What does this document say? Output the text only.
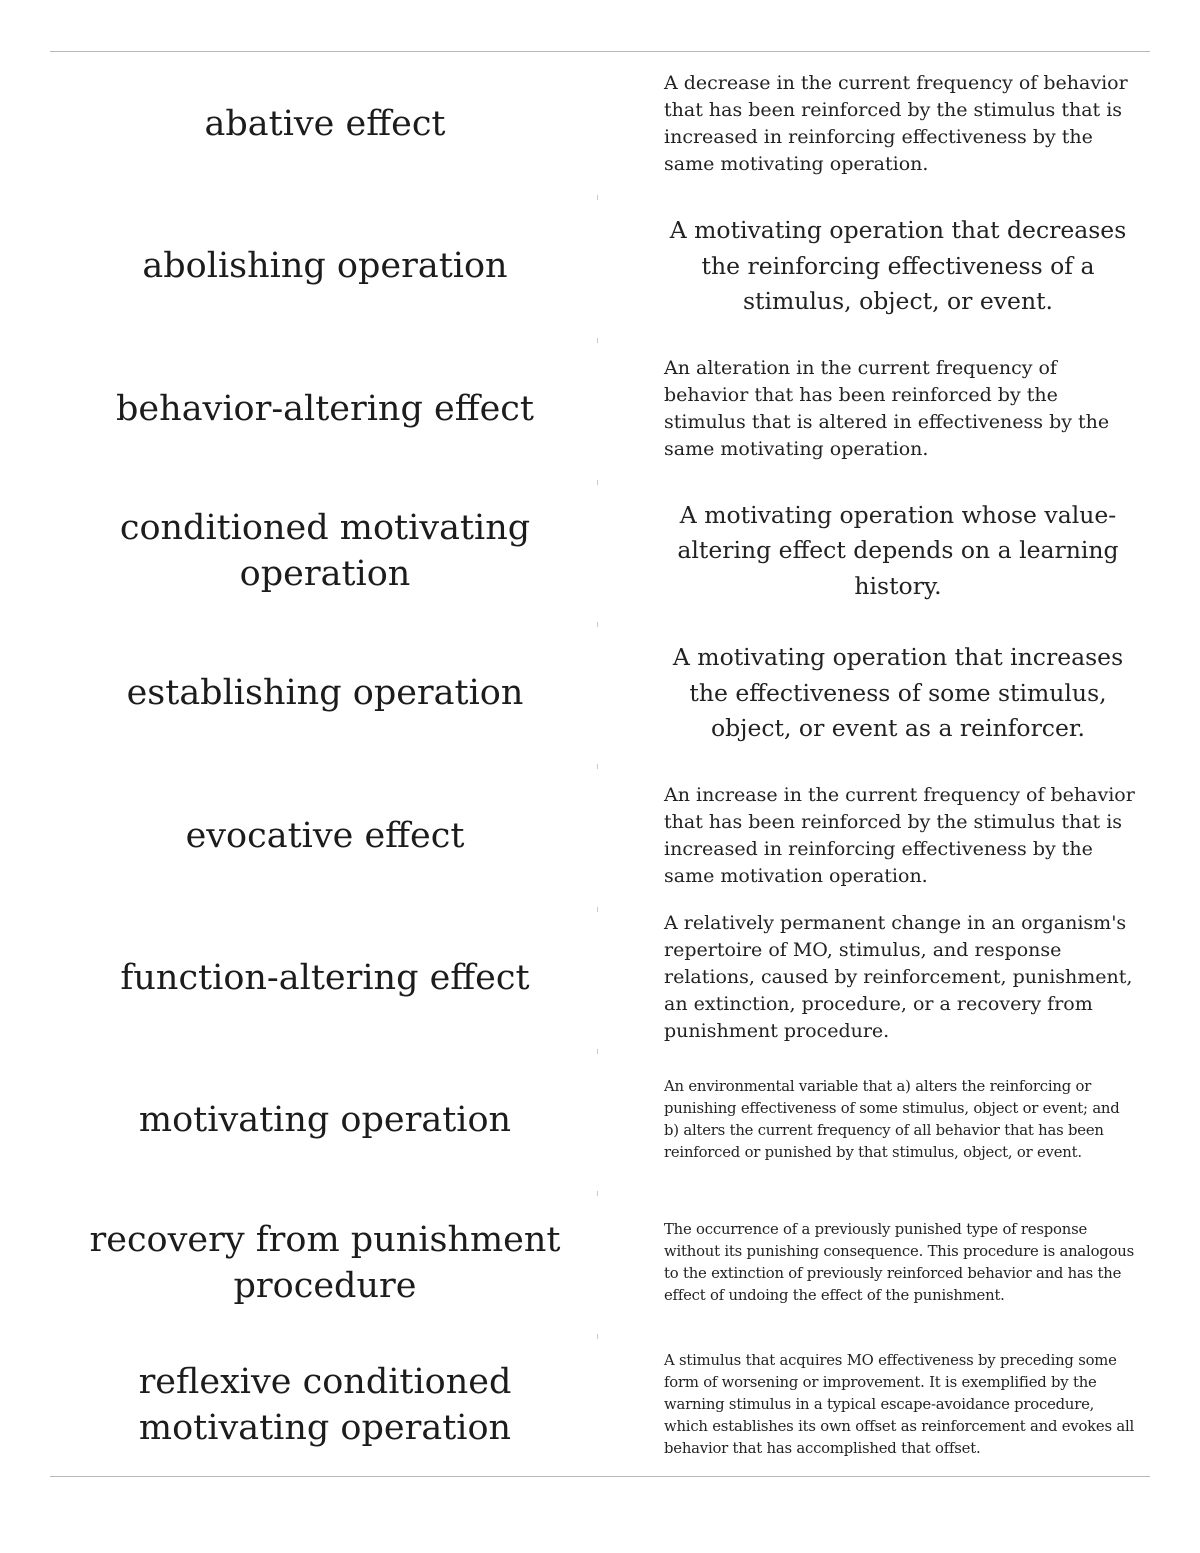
abative effect
A decrease in the current frequency of behavior that has been reinforced by the stimulus that is increased in reinforcing effectiveness by the same motivating operation.
abolishing operation
A motivating operation that decreases the reinforcing effectiveness of a stimulus, object, or event.
behavior-altering effect
An alteration in the current frequency of behavior that has been reinforced by the stimulus that is altered in effectiveness by the same motivating operation.
conditioned motivating operation
A motivating operation whose value-altering effect depends on a learning history.
establishing operation
A motivating operation that increases the effectiveness of some stimulus, object, or event as a reinforcer.
evocative effect
An increase in the current frequency of behavior that has been reinforced by the stimulus that is increased in reinforcing effectiveness by the same motivation operation.
function-altering effect
A relatively permanent change in an organism's repertoire of MO, stimulus, and response relations, caused by reinforcement, punishment, an extinction, procedure, or a recovery from punishment procedure.
motivating operation
An environmental variable that a) alters the reinforcing or punishing effectiveness of some stimulus, object or event; and b) alters the current frequency of all behavior that has been reinforced or punished by that stimulus, object, or event.
recovery from punishment procedure
The occurrence of a previously punished type of response without its punishing consequence. This procedure is analogous to the extinction of previously reinforced behavior and has the effect of undoing the effect of the punishment.
reflexive conditioned motivating operation
A stimulus that acquires MO effectiveness by preceding some form of worsening or improvement. It is exemplified by the warning stimulus in a typical escape-avoidance procedure, which establishes its own offset as reinforcement and evokes all behavior that has accomplished that offset.
